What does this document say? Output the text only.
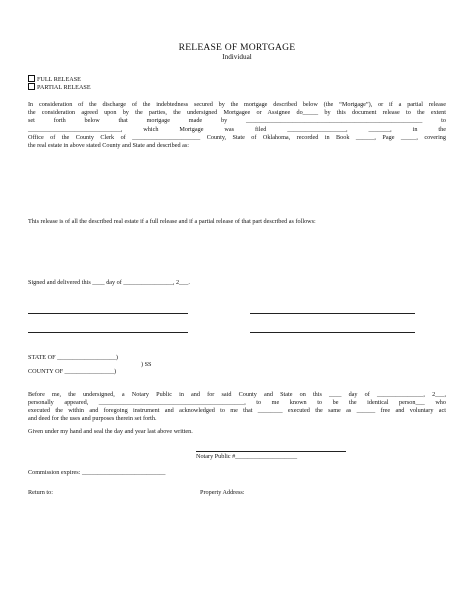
RELEASE OF MORTGAGE
Individual
FULL RELEASE
PARTIAL RELEASE
In consideration of the discharge of the indebtedness secured by the mortgage described below (the “Mortgage”), or if a partial release
the consideration agreed upon by the parties, the undersigned Mortgagee or Assignee do_____ by this document release to the extent
set forth below that mortgage made by _________________________________________________________ to
______________________________, which Mortgage was filed ___________________, _______, in the
Office of the County Clerk of ______________________ County, State of Oklahoma, recorded in Book ______, Page _____, covering
the real estate in above stated County and State and described as:
This release is of all the described real estate if a full release and if a partial release of that part described as follows:
Signed and delivered this ____ day of ________________, 2___.
STATE OF ___________________)
) SS
COUNTY OF ________________)
Before me, the undersigned, a Notary Public in and for said County and State on this ____ day of _______________, 2___,
personally appeared, _______________________________________________, to me known to be the identical person___ who
executed the within and foregoing instrument and acknowledged to me that ________ executed the same as ______ free and voluntary act
and deed for the uses and purposes therein set forth.
Given under my hand and seal the day and year last above written.
Notary Public #____________________
Commission expires: ___________________________
Return to:	Property Address:
